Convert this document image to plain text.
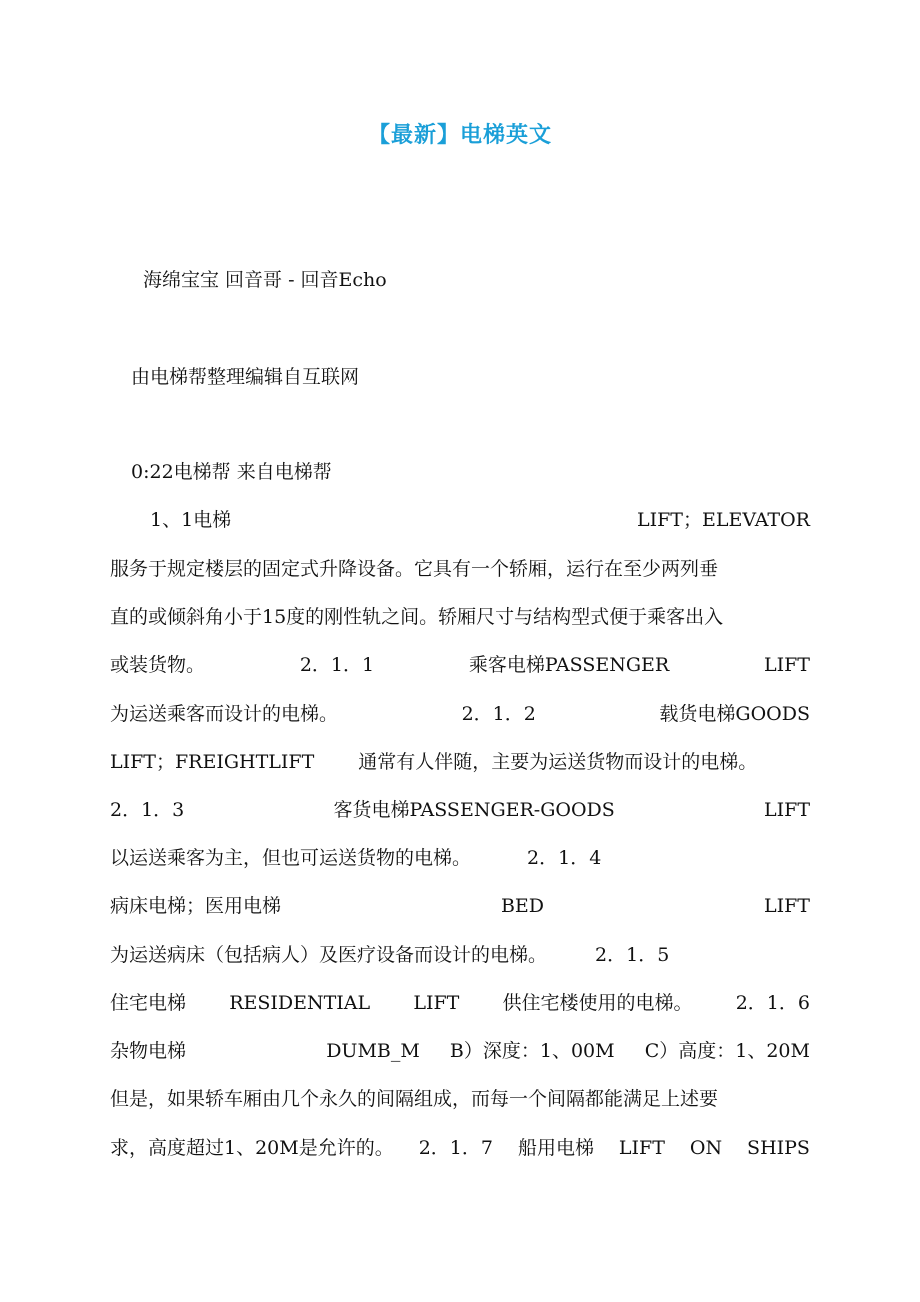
【最新】电梯英文
海绵宝宝 回音哥 - 回音Echo
由电梯帮整理编辑自互联网
0:22电梯帮 来自电梯帮
1、1电梯	LIFT；ELEVATOR
服务于规定楼层的固定式升降设备。它具有一个轿厢，运行在至少两列垂
直的或倾斜角小于15度的刚性轨之间。轿厢尺寸与结构型式便于乘客出入
或装货物。	2．1．1	乘客电梯PASSENGER	LIFT
为运送乘客而设计的电梯。	2．1．2	载货电梯GOODS
LIFT；FREIGHTLIFT 通常有人伴随，主要为运送货物而设计的电梯。
2．1．3	客货电梯PASSENGER-GOODS	LIFT
以运送乘客为主，但也可运送货物的电梯。	2．1．4
病床电梯；医用电梯	BED	LIFT
为运送病床（包括病人）及医疗设备而设计的电梯。	2．1．5
住宅电梯 RESIDENTIAL LIFT 供住宅楼使用的电梯。 2．1．6
杂物电梯	DUMB_M B）深度：1、00M C）高度：1、20M
但是，如果轿车厢由几个永久的间隔组成，而每一个间隔都能满足上述要
求，高度超过1、20M是允许的。 2．1．7 船用电梯 LIFT ON SHIPS
